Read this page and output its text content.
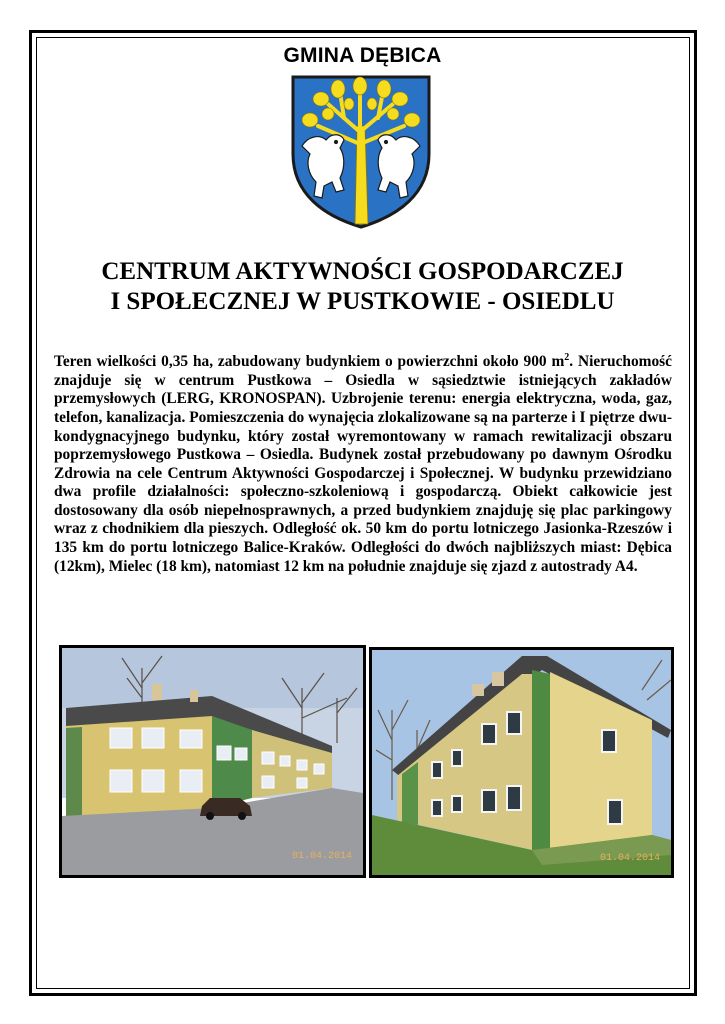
GMINA DĘBICA
CENTRUM AKTYWNOŚCI GOSPODARCZEJ
I SPOŁECZNEJ W PUSTKOWIE - OSIEDLU
Teren wielkości 0,35 ha, zabudowany budynkiem o powierzchni około 900 $m^2$. Nieruchomość znajduje się w centrum Pustkowa – Osiedla w sąsiedztwie istniejących zakładów przemysłowych (LERG, KRONOSPAN). Uzbrojenie terenu: energia elektryczna, woda, gaz, telefon, kanalizacja. Pomieszczenia do wynajęcia zlokalizowane są na parterze i I piętrze dwu-kondygnacyjnego budynku, który został wyremontowany w ramach rewitalizacji obszaru poprzemysłowego Pustkowa – Osiedla. Budynek został przebudowany po dawnym Ośrodku Zdrowia na cele Centrum Aktywności Gospodarczej i Społecznej. W budynku przewidziano dwa profile działalności: społeczno-szkoleniową i gospodarczą. Obiekt całkowicie jest dostosowany dla osób niepełnosprawnych, a przed budynkiem znajduję się plac parkingowy wraz z chodnikiem dla pieszych. Odległość ok. 50 km do portu lotniczego Jasionka-Rzeszów i 135 km do portu lotniczego Balice-Kraków. Odległości do dwóch najbliższych miast: Dębica (12km), Mielec (18 km), natomiast 12 km na południe znajduje się zjazd z autostrady A4.
01.04.2014	01.04.2014
